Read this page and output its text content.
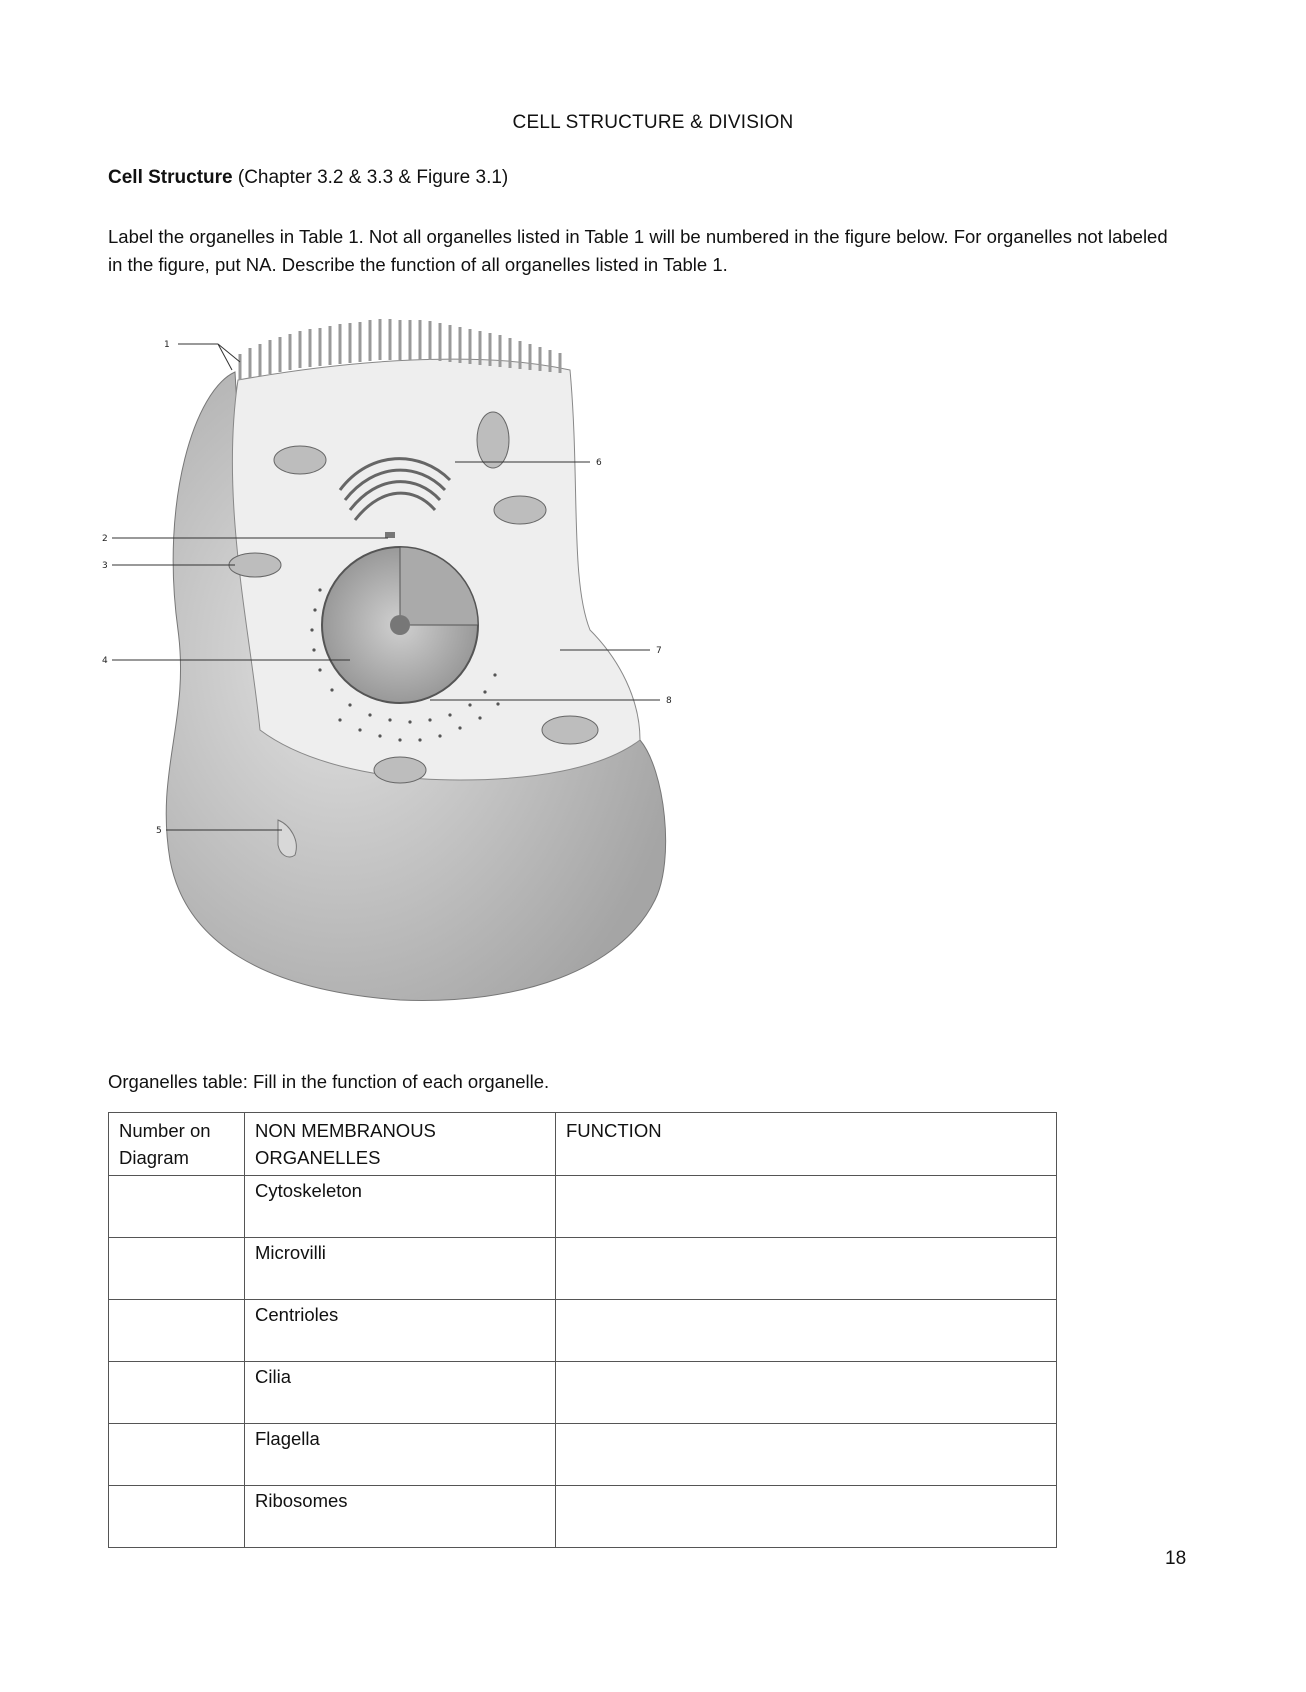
CELL STRUCTURE & DIVISION
Cell Structure (Chapter 3.2 & 3.3 & Figure 3.1)
Label the organelles in Table 1. Not all organelles listed in Table 1 will be numbered in the figure below. For organelles not labeled in the figure, put NA. Describe the function of all organelles listed in Table 1.
1
2
3
4
5
6
7
8
Organelles table: Fill in the function of each organelle.
Number on Diagram	NON MEMBRANOUS ORGANELLES	FUNCTION
	Cytoskeleton	
	Microvilli	
	Centrioles	
	Cilia	
	Flagella	
	Ribosomes	
18
